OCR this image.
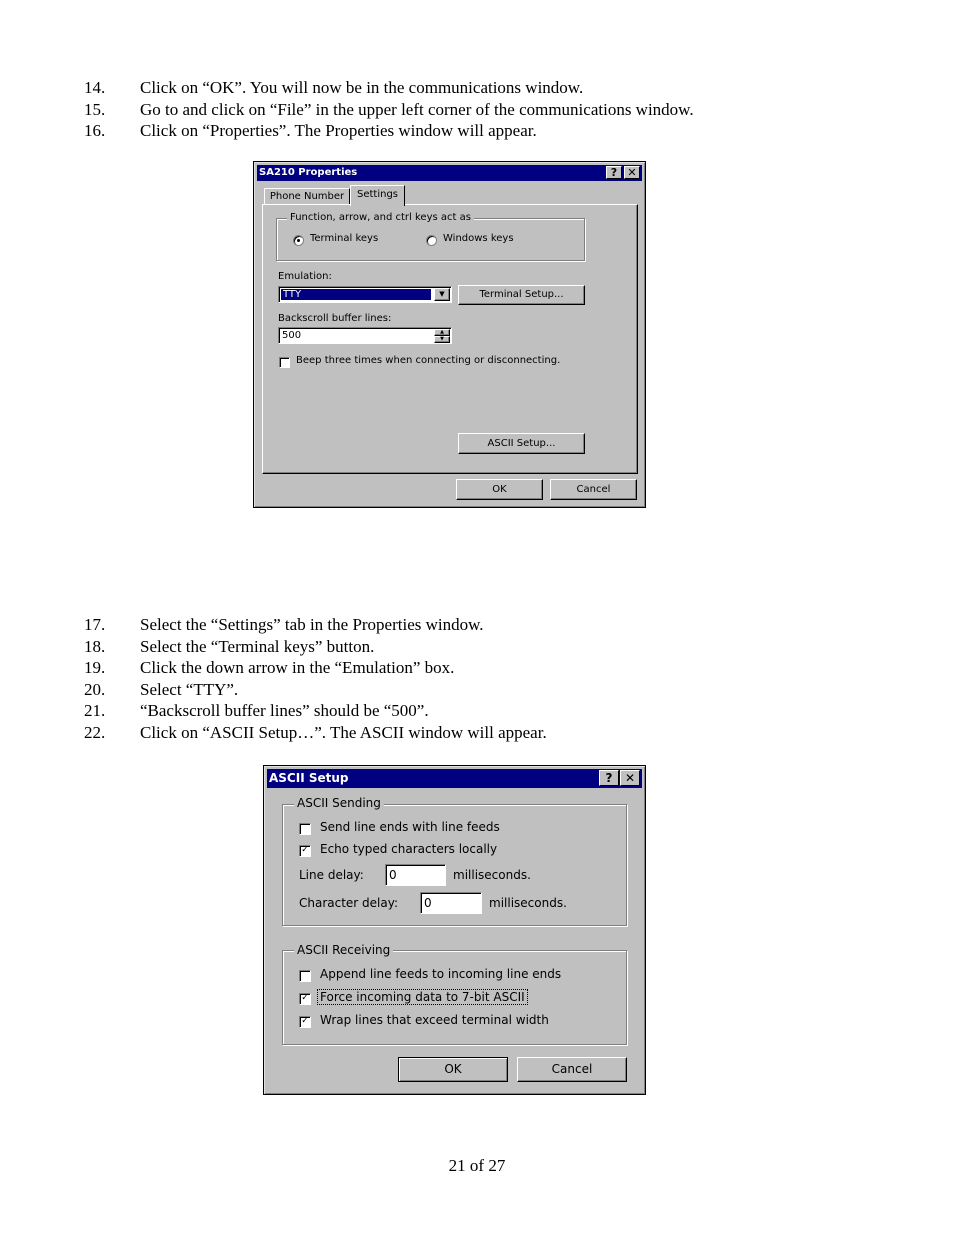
14. Click on “OK”. You will now be in the communications window.
15. Go to and click on “File” in the upper left corner of the communications window.
16. Click on “Properties”. The Properties window will appear.
SA210 Properties	? ✕
Phone Number	Settings
Function, arrow, and ctrl keys act as
Terminal keys	Windows keys
Emulation:
TTY	▼	Terminal Setup...
Backscroll buffer lines:
500	▲
▼
Beep three times when connecting or disconnecting.
ASCII Setup...
OK	Cancel
17. Select the “Settings” tab in the Properties window.
18. Select the “Terminal keys” button.
19. Click the down arrow in the “Emulation” box.
20. Select “TTY”.
21. “Backscroll buffer lines” should be “500”.
22. Click on “ASCII Setup…”. The ASCII window will appear.
ASCII Setup	?	✕
ASCII Sending
Send line ends with line feeds
✓ Echo typed characters locally
Line delay: 0	milliseconds.
Character delay: 0	milliseconds.
ASCII Receiving
Append line feeds to incoming line ends
✓ Force incoming data to 7-bit ASCII
✓ Wrap lines that exceed terminal width
OK	Cancel
21 of 27
